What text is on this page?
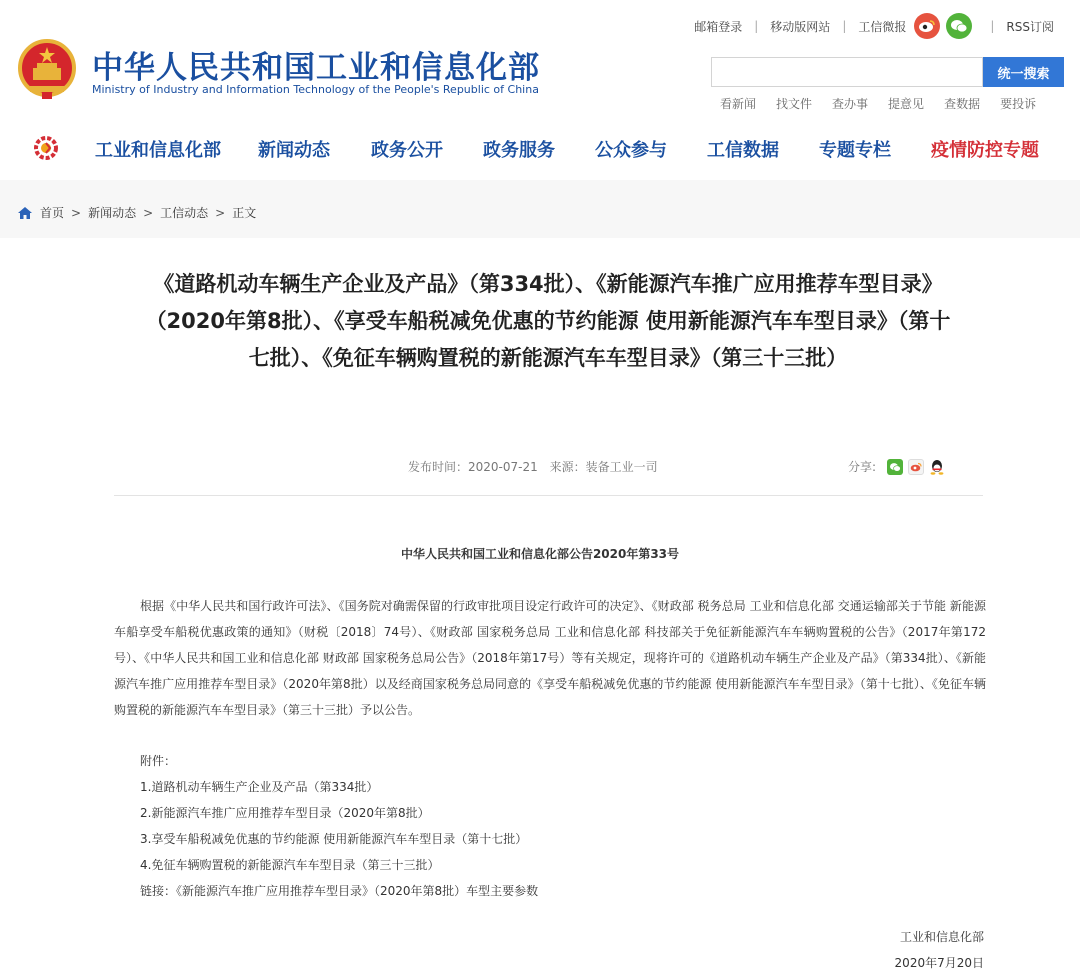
中华人民共和国工业和信息化部
Ministry of Industry and Information Technology of the People's Republic of China
邮箱登录 | 移动版网站 | 工信微报	| RSS订阅
统一搜索
看新闻 找文件 查办事 提意见 查数据 要投诉
工业和信息化部 新闻动态 政务公开 政务服务 公众参与 工信数据 专题专栏 疫情防控专题
首页 > 新闻动态 > 工信动态 > 正文
《道路机动车辆生产企业及产品》（第334批）、《新能源汽车推广应用推荐车型目录》（2020年第8批）、《享受车船税减免优惠的节约能源 使用新能源汽车车型目录》（第十七批）、《免征车辆购置税的新能源汽车车型目录》（第三十三批）
发布时间：2020-07-21 来源：装备工业一司	分享:
中华人民共和国工业和信息化部公告2020年第33号

根据《中华人民共和国行政许可法》、《国务院对确需保留的行政审批项目设定行政许可的决定》、《财政部 税务总局 工业和信息化部 交通运输部关于节能 新能源车船享受车船税优惠政策的通知》（财税〔2018〕74号）、《财政部 国家税务总局 工业和信息化部 科技部关于免征新能源汽车车辆购置税的公告》（2017年第172号）、《中华人民共和国工业和信息化部 财政部 国家税务总局公告》（2018年第17号）等有关规定，现将许可的《道路机动车辆生产企业及产品》（第334批）、《新能源汽车推广应用推荐车型目录》（2020年第8批）以及经商国家税务总局同意的《享受车船税减免优惠的节约能源 使用新能源汽车车型目录》（第十七批）、《免征车辆购置税的新能源汽车车型目录》（第三十三批）予以公告。

附件：
1.道路机动车辆生产企业及产品（第334批）
2.新能源汽车推广应用推荐车型目录（2020年第8批）
3.享受车船税减免优惠的节约能源 使用新能源汽车车型目录（第十七批）
4.免征车辆购置税的新能源汽车车型目录（第三十三批）
链接：《新能源汽车推广应用推荐车型目录》（2020年第8批）车型主要参数
工业和信息化部
2020年7月20日
